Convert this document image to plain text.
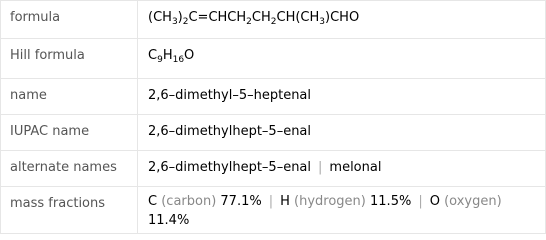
formula	$(CH_3)_2C=CHCH_2CH_2CH(CH_3)CHO$
Hill formula	$C_9H_{16}O$
name	2,6–dimethyl–5–heptenal
IUPAC name	2,6–dimethylhept–5–enal
alternate names	2,6–dimethylhept–5–enal | melonal
mass fractions	C (carbon) 77.1% | H (hydrogen) 11.5% | O (oxygen) 11.4%
